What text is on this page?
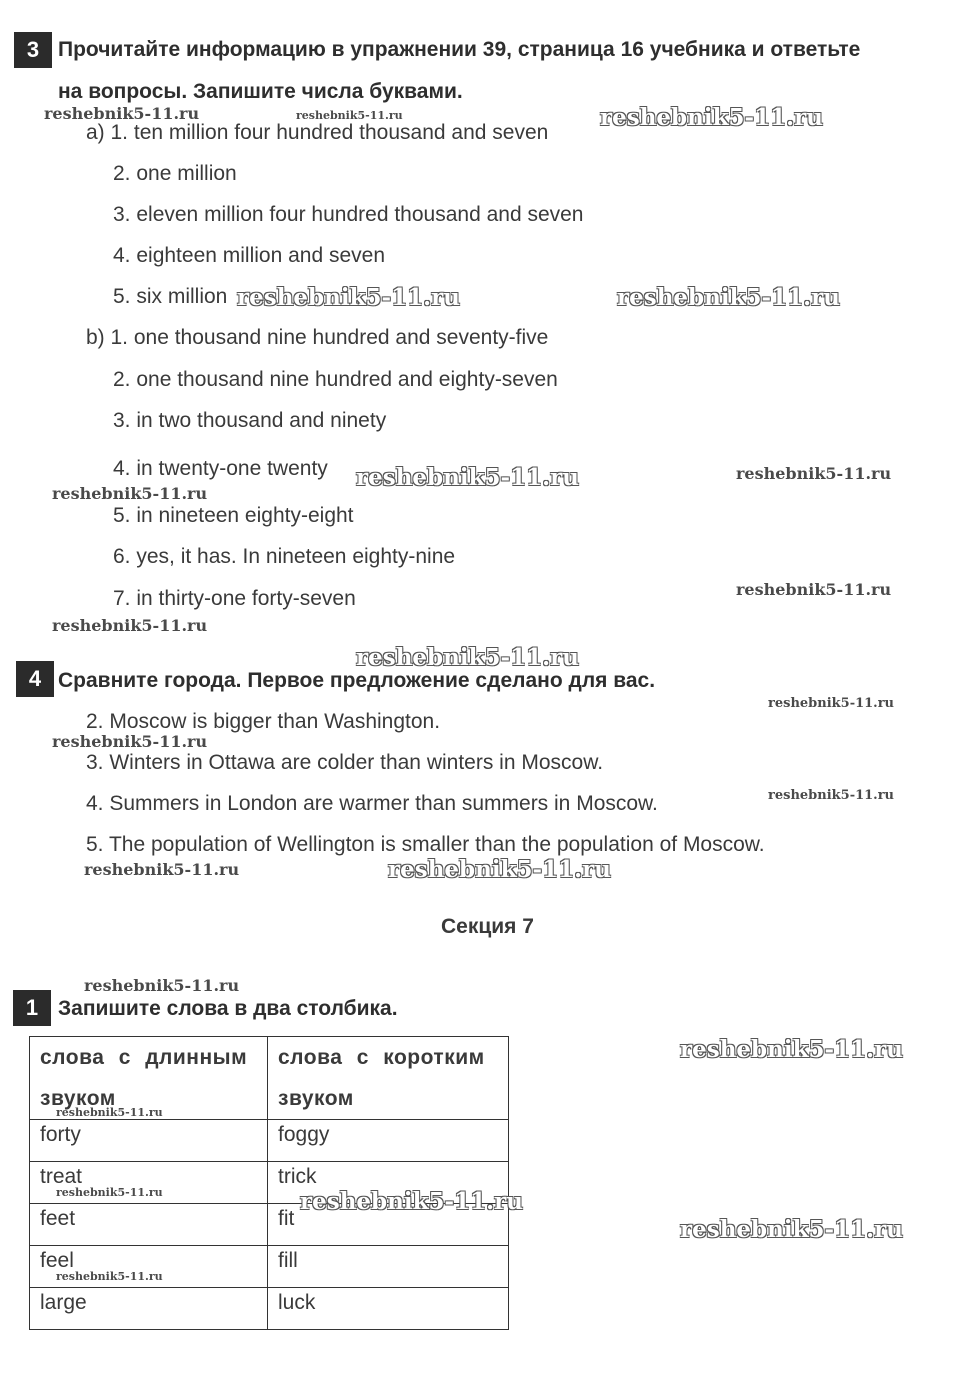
3 Прочитайте информацию в упражнении 39, страница 16 учебника и ответьте
на вопросы. Запишите числа буквами.
a) 1. ten million four hundred thousand and seven
2. one million
3. eleven million four hundred thousand and seven
4. eighteen million and seven
5. six million
b) 1. one thousand nine hundred and seventy-five
2. one thousand nine hundred and eighty-seven
3. in two thousand and ninety
4. in twenty-one twenty
5. in nineteen eighty-eight
6. yes, it has. In nineteen eighty-nine
7. in thirty-one forty-seven
4 Сравните города. Первое предложение сделано для вас.
2. Moscow is bigger than Washington.
3. Winters in Ottawa are colder than winters in Moscow.
4. Summers in London are warmer than summers in Moscow.
5. The population of Wellington is smaller than the population of Moscow.
Секция 7
1 Запишите слова в два столбика.
слова с длинным звуком	слова с коротким звуком
forty	foggy
treat	trick
feet	fit
feel	fill
large	luck
reshebnik5-11.ru	reshebnik5-11.ru	reshebnik5-11.ru
reshebnik5-11.ru	reshebnik5-11.ru
reshebnik5-11.ru	reshebnik5-11.ru
reshebnik5-11.ru
reshebnik5-11.ru
reshebnik5-11.ru
reshebnik5-11.ru
reshebnik5-11.ru
reshebnik5-11.ru
reshebnik5-11.ru
reshebnik5-11.ru	reshebnik5-11.ru
reshebnik5-11.ru
reshebnik5-11.ru
reshebnik5-11.ru
reshebnik5-11.ru	reshebnik5-11.ru
reshebnik5-11.ru
reshebnik5-11.ru
